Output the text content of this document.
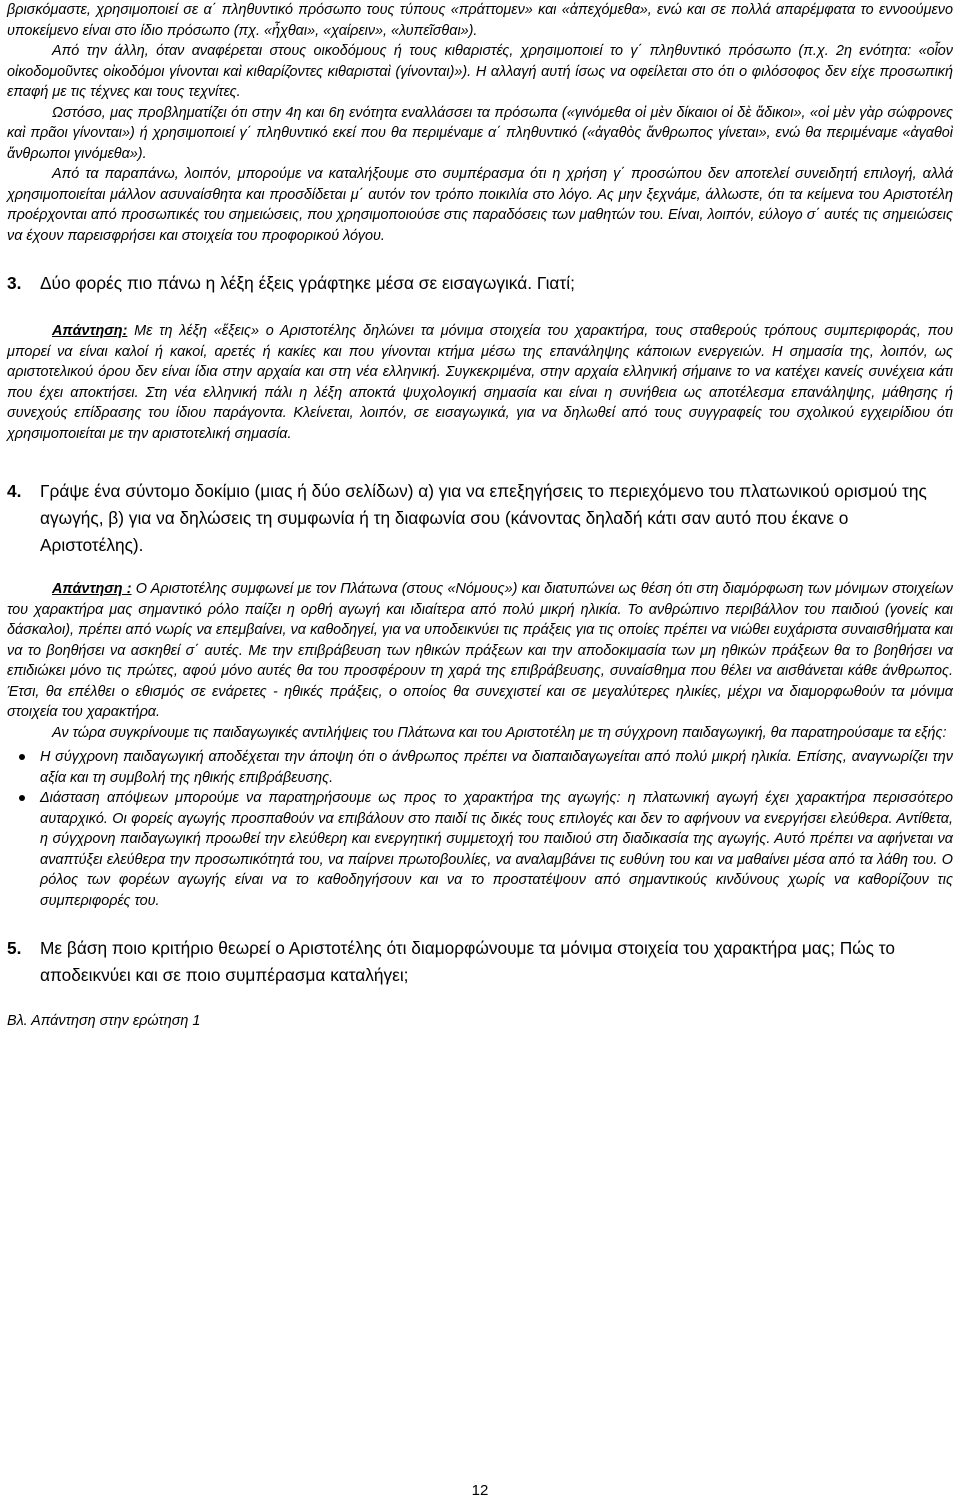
βρισκόμαστε, χρησιμοποιεί σε α΄ πληθυντικό πρόσωπο τους τύπους «πράττομεν» και «ἀπεχόμεθα», ενώ και σε πολλά απαρέμφατα το εννοούμενο υποκείμενο είναι στο ίδιο πρόσωπο (πχ. «ἦχθαι», «χαίρειν», «λυπεῖσθαι»).

Από την άλλη, όταν αναφέρεται στους οικοδόμους ή τους κιθαριστές, χρησιμοποιεί το γ΄ πληθυντικό πρόσωπο (π.χ. 2η ενότητα: «οἷον οἰκοδομοῦντες οἰκοδόμοι γίνονται καὶ κιθαρίζοντες κιθαρισταὶ (γίνονται)»). Η αλλαγή αυτή ίσως να οφείλεται στο ότι ο φιλόσοφος δεν είχε προσωπική επαφή με τις τέχνες και τους τεχνίτες.

Ωστόσο, μας προβληματίζει ότι στην 4η και 6η ενότητα εναλλάσσει τα πρόσωπα («γινόμεθα οἱ μὲν δίκαιοι οἱ δὲ ἄδικοι», «οἱ μὲν γὰρ σώφρονες καὶ πρᾶοι γίνονται») ή χρησιμοποιεί γ΄ πληθυντικό εκεί που θα περιμέναμε α΄ πληθυντικό («ἀγαθὸς ἄνθρωπος γίνεται», ενώ θα περιμέναμε «ἀγαθοὶ ἄνθρωποι γινόμεθα»).

Από τα παραπάνω, λοιπόν, μπορούμε να καταλήξουμε στο συμπέρασμα ότι η χρήση γ΄ προσώπου δεν αποτελεί συνειδητή επιλογή, αλλά χρησιμοποιείται μάλλον ασυναίσθητα και προσδίδεται μ΄ αυτόν τον τρόπο ποικιλία στο λόγο. Ας μην ξεχνάμε, άλλωστε, ότι τα κείμενα του Αριστοτέλη προέρχονται από προσωπικές του σημειώσεις, που χρησιμοποιούσε στις παραδόσεις των μαθητών του. Είναι, λοιπόν, εύλογο σ΄ αυτές τις σημειώσεις να έχουν παρεισφρήσει και στοιχεία του προφορικού λόγου.

3.	Δύο φορές πιο πάνω η λέξη έξεις γράφτηκε μέσα σε εισαγωγικά. Γιατί;

Απάντηση: Με τη λέξη «ἕξεις» ο Αριστοτέλης δηλώνει τα μόνιμα στοιχεία του χαρακτήρα, τους σταθερούς τρόπους συμπεριφοράς, που μπορεί να είναι καλοί ή κακοί, αρετές ή κακίες και που γίνονται κτήμα μέσω της επανάληψης κάποιων ενεργειών. Η σημασία της, λοιπόν, ως αριστοτελικού όρου δεν είναι ίδια στην αρχαία και στη νέα ελληνική. Συγκεκριμένα, στην αρχαία ελληνική σήμαινε το να κατέχει κανείς συνέχεια κάτι που έχει αποκτήσει. Στη νέα ελληνική πάλι η λέξη αποκτά ψυχολογική σημασία και είναι η συνήθεια ως αποτέλεσμα επανάληψης, μάθησης ή συνεχούς επίδρασης του ίδιου παράγοντα. Κλείνεται, λοιπόν, σε εισαγωγικά, για να δηλωθεί από τους συγγραφείς του σχολικού εγχειρίδιου ότι χρησιμοποιείται με την αριστοτελική σημασία.

4.	Γράψε ένα σύντομο δοκίμιο (μιας ή δύο σελίδων) α) για να επεξηγήσεις το περιεχόμενο του πλατωνικού ορισμού της αγωγής, β) για να δηλώσεις τη συμφωνία ή τη διαφωνία σου (κάνοντας δηλαδή κάτι σαν αυτό που έκανε ο Αριστοτέλης).

Απάντηση : Ο Αριστοτέλης συμφωνεί με τον Πλάτωνα (στους «Νόμους») και διατυπώνει ως θέση ότι στη διαμόρφωση των μόνιμων στοιχείων του χαρακτήρα μας σημαντικό ρόλο παίζει η ορθή αγωγή και ιδιαίτερα από πολύ μικρή ηλικία. Το ανθρώπινο περιβάλλον του παιδιού (γονείς και δάσκαλοι), πρέπει από νωρίς να επεμβαίνει, να καθοδηγεί, για να υποδεικνύει τις πράξεις για τις οποίες πρέπει να νιώθει ευχάριστα συναισθήματα και να το βοηθήσει να ασκηθεί σ΄ αυτές. Με την επιβράβευση των ηθικών πράξεων και την αποδοκιμασία των μη ηθικών πράξεων θα το βοηθήσει να επιδιώκει μόνο τις πρώτες, αφού μόνο αυτές θα του προσφέρουν τη χαρά της επιβράβευσης, συναίσθημα που θέλει να αισθάνεται κάθε άνθρωπος. Έτσι, θα επέλθει ο εθισμός σε ενάρετες - ηθικές πράξεις, ο οποίος θα συνεχιστεί και σε μεγαλύτερες ηλικίες, μέχρι να διαμορφωθούν τα μόνιμα στοιχεία του χαρακτήρα.

Αν τώρα συγκρίνουμε τις παιδαγωγικές αντιλήψεις του Πλάτωνα και του Αριστοτέλη με τη σύγχρονη παιδαγωγική, θα παρατηρούσαμε τα εξής:

Η σύγχρονη παιδαγωγική αποδέχεται την άποψη ότι ο άνθρωπος πρέπει να διαπαιδαγωγείται από πολύ μικρή ηλικία. Επίσης, αναγνωρίζει την αξία και τη συμβολή της ηθικής επιβράβευσης.
Διάσταση απόψεων μπορούμε να παρατηρήσουμε ως προς το χαρακτήρα της αγωγής: η πλατωνική αγωγή έχει χαρακτήρα περισσότερο αυταρχικό. Οι φορείς αγωγής προσπαθούν να επιβάλουν στο παιδί τις δικές τους επιλογές και δεν το αφήνουν να ενεργήσει ελεύθερα. Αντίθετα, η σύγχρονη παιδαγωγική προωθεί την ελεύθερη και ενεργητική συμμετοχή του παιδιού στη διαδικασία της αγωγής. Αυτό πρέπει να αφήνεται να αναπτύξει ελεύθερα την προσωπικότητά του, να παίρνει πρωτοβουλίες, να αναλαμβάνει τις ευθύνη του και να μαθαίνει μέσα από τα λάθη του. Ο ρόλος των φορέων αγωγής είναι να το καθοδηγήσουν και να το προστατέψουν από σημαντικούς κινδύνους χωρίς να καθορίζουν τις συμπεριφορές του.
5.	Με βάση ποιο κριτήριο θεωρεί ο Αριστοτέλης ότι διαμορφώνουμε τα μόνιμα στοιχεία του χαρακτήρα μας; Πώς το αποδεικνύει και σε ποιο συμπέρασμα καταλήγει;

Βλ. Απάντηση στην ερώτηση 1

12
